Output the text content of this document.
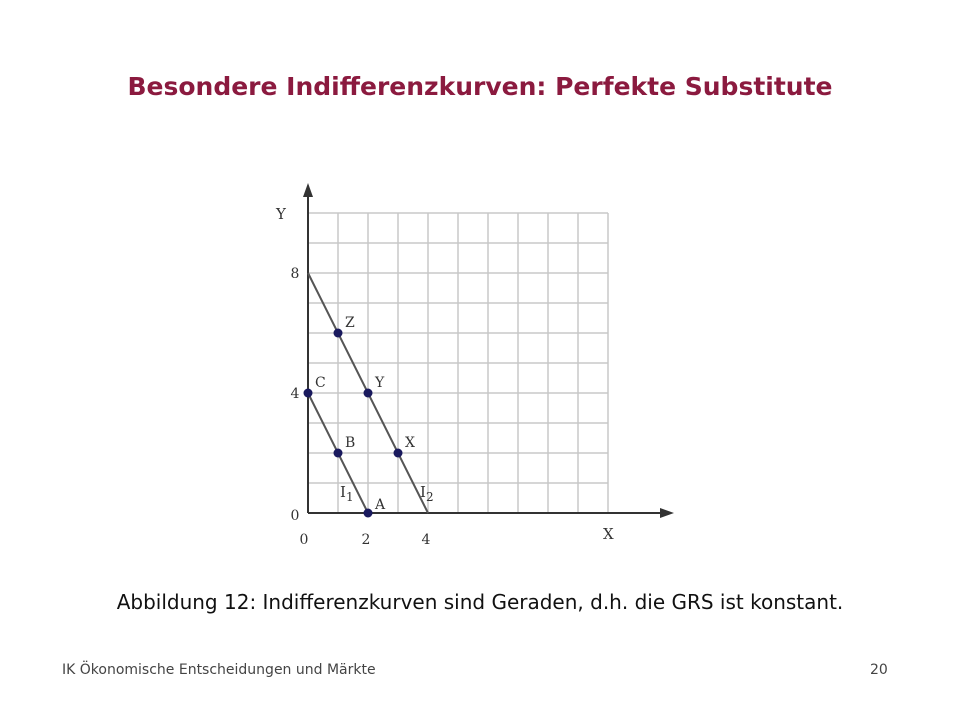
Besondere Indifferenzkurven: Perfekte Substitute
Y
X
0	2	4
0
4
8
$I_1$	$I_2$
A
B
C
X
Y
Z
Abbildung 12: Indifferenzkurven sind Geraden, d.h. die GRS ist konstant.
IK Ökonomische Entscheidungen und Märkte	20
